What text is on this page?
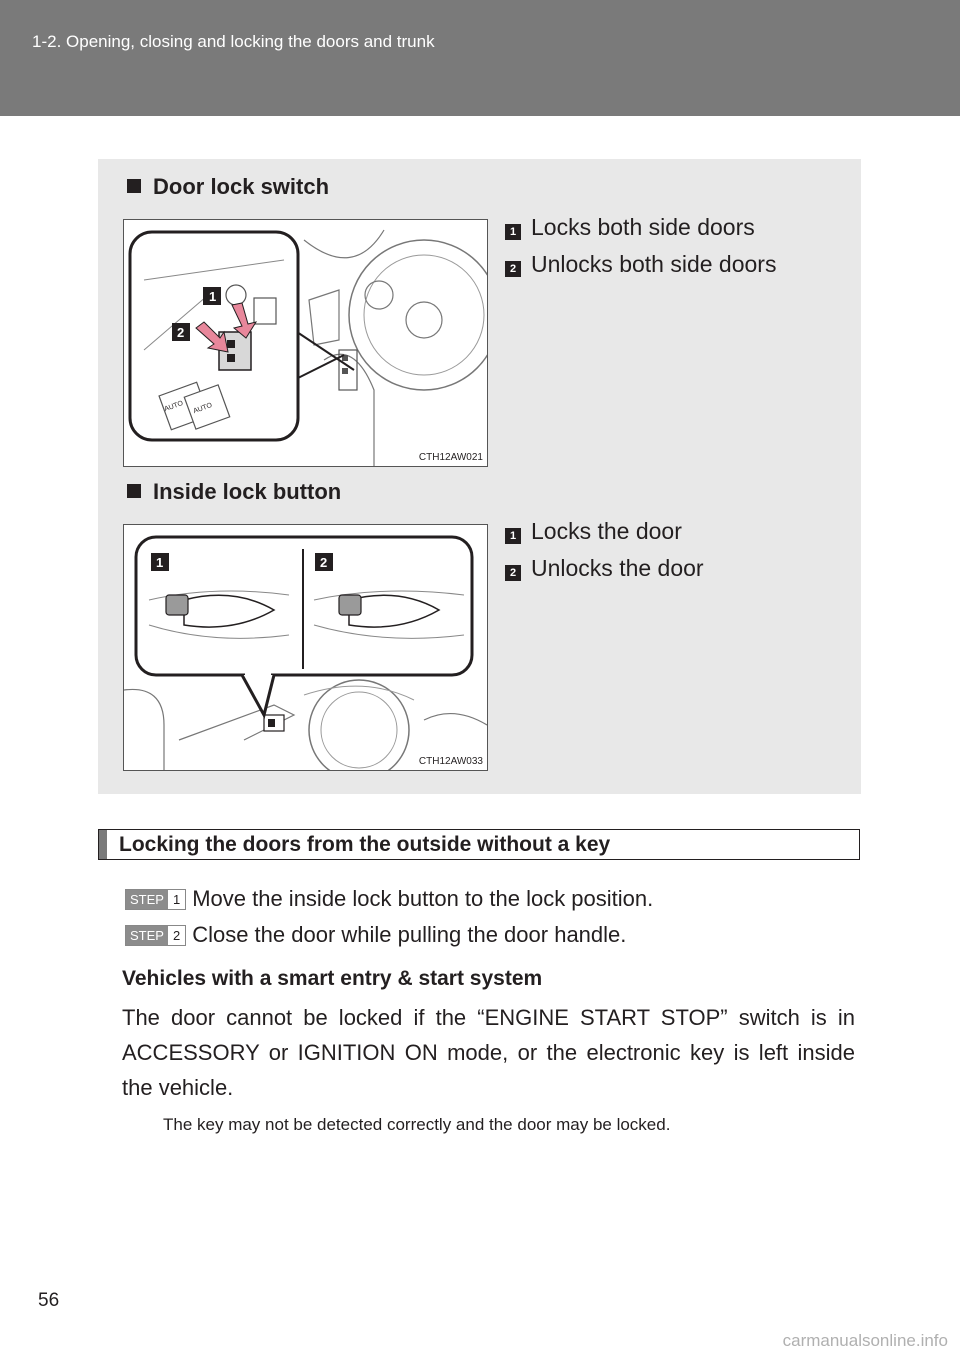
1-2. Opening, closing and locking the doors and trunk
Door lock switch
AUTO AUTO
1
2
CTH12AW021
1 Locks both side doors
2 Unlocks both side doors
Inside lock button
1	2
CTH12AW033
1 Locks the door
2 Unlocks the door
Locking the doors from the outside without a key
STEP 1 Move the inside lock button to the lock position.
STEP 2 Close the door while pulling the door handle.
Vehicles with a smart entry & start system
The door cannot be locked if the “ENGINE START STOP” switch is in ACCESSORY or IGNITION ON mode, or the electronic key is left inside the vehicle.
The key may not be detected correctly and the door may be locked.
56
carmanualsonline.info
